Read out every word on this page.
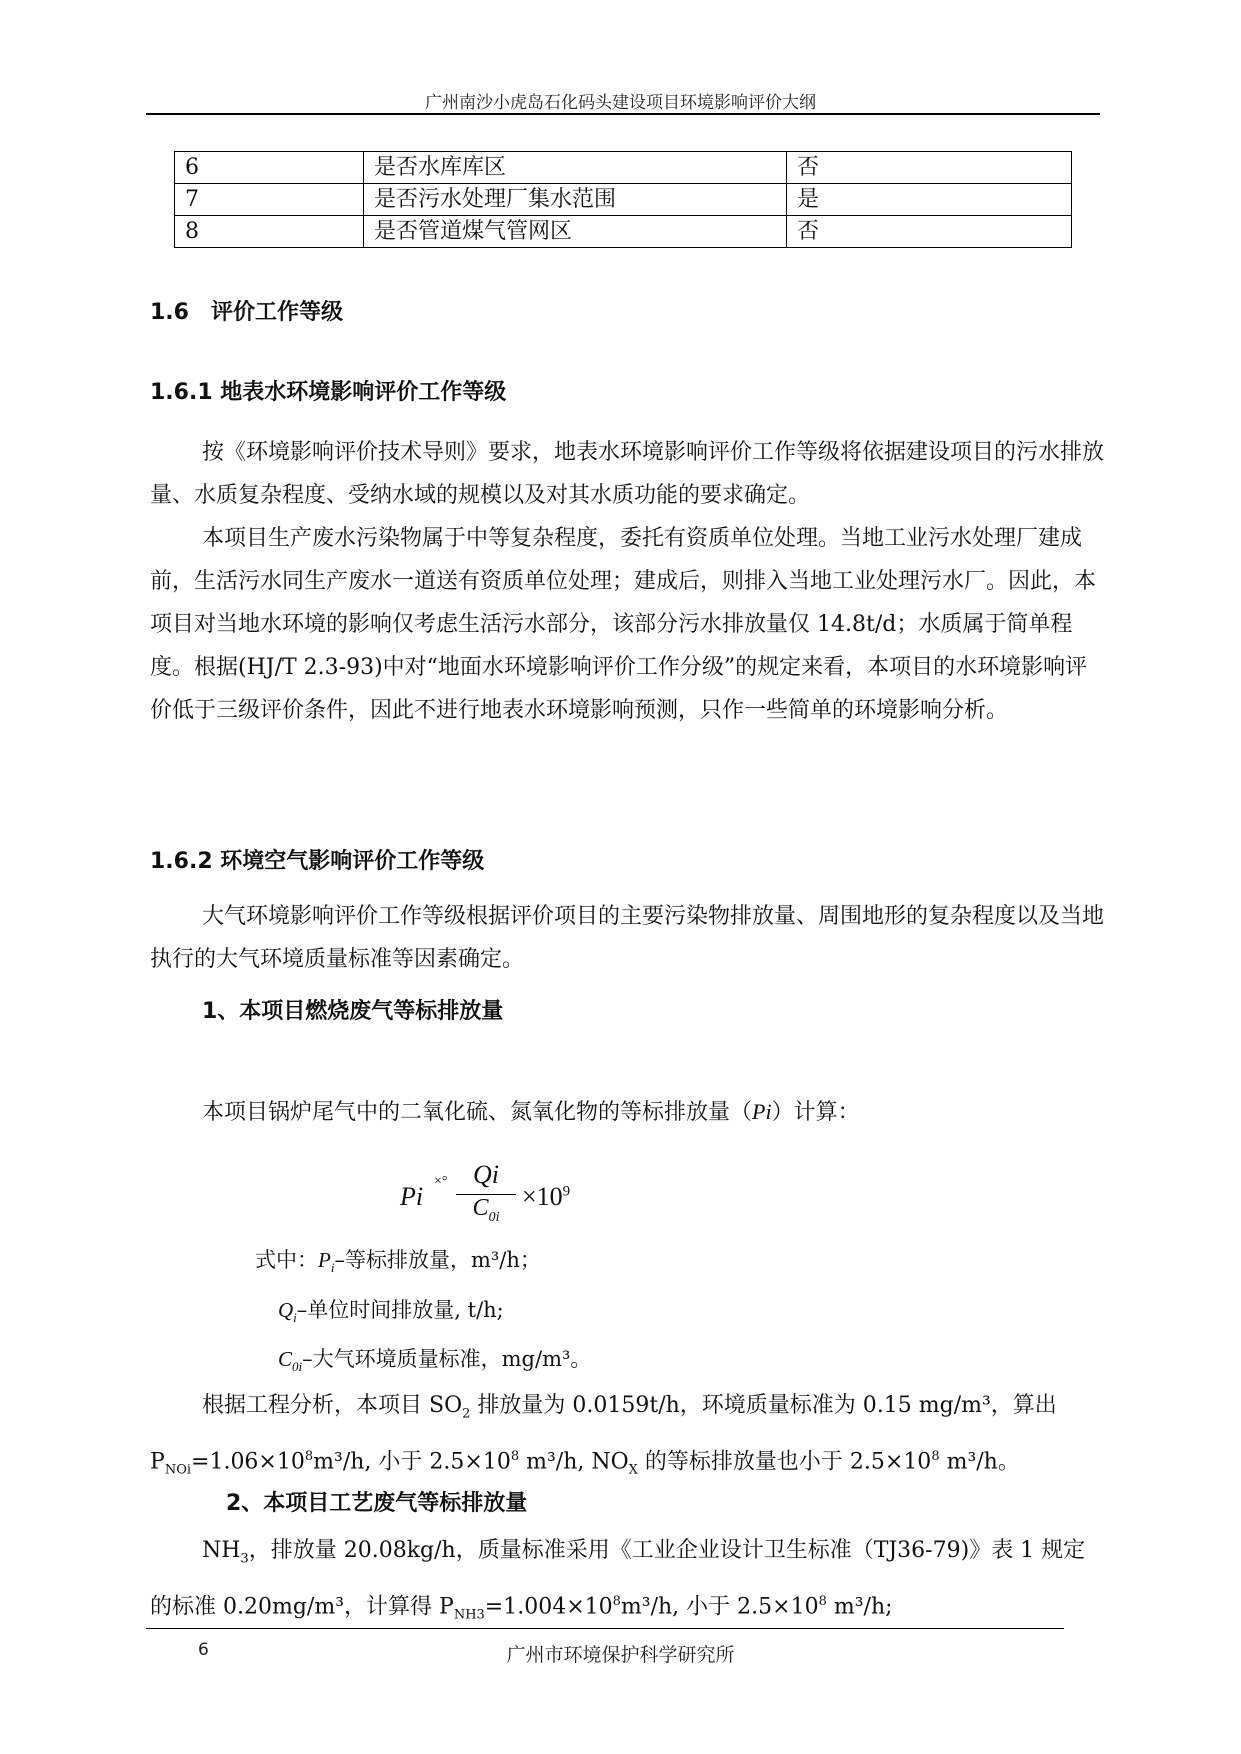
广州南沙小虎岛石化码头建设项目环境影响评价大纲
6	是否水库库区	否
7	是否污水处理厂集水范围	是
8	是否管道煤气管网区	否
1.6　评价工作等级
1.6.1 地表水环境影响评价工作等级
按《环境影响评价技术导则》要求，地表水环境影响评价工作等级将依据建设项目的污水排放量、水质复杂程度、受纳水域的规模以及对其水质功能的要求确定。
本项目生产废水污染物属于中等复杂程度，委托有资质单位处理。当地工业污水处理厂建成前，生活污水同生产废水一道送有资质单位处理；建成后，则排入当地工业处理污水厂。因此，本项目对当地水环境的影响仅考虑生活污水部分，该部分污水排放量仅 14.8t/d；水质属于简单程度。根据(HJ/T 2.3-93)中对“地面水环境影响评价工作分级”的规定来看，本项目的水环境影响评价低于三级评价条件，因此不进行地表水环境影响预测，只作一些简单的环境影响分析。
1.6.2 环境空气影响评价工作等级
大气环境影响评价工作等级根据评价项目的主要污染物排放量、周围地形的复杂程度以及当地执行的大气环境质量标准等因素确定。
1、本项目燃烧废气等标排放量
本项目锅炉尾气中的二氧化硫、氮氧化物的等标排放量（Pi）计算：
Pi
×° Qi
$C_{0i}$
$\times 10^9$
式中：$P_i-$等标排放量，m³/h；
$Q_i-$单位时间排放量, t/h;
$C_{0i}-$大气环境质量标准，mg/m³。
根据工程分析，本项目 $SO_2$ 排放量为 0.0159t/h，环境质量标准为 0.15 mg/m³，算出 $P_{NOi}=1.06\times 10^8m^3/h$, 小于 $2.5\times 10^8$ m³/h, $NO_X$ 的等标排放量也小于 $2.5\times 10^8$ m³/h。
2、本项目工艺废气等标排放量
$NH_3$，排放量 20.08kg/h，质量标准采用《工业企业设计卫生标准（TJ36-79)》表 1 规定的标准 0.20mg/m³，计算得 $P_{NH3}=1.004\times 10^8m^3/h$, 小于 $2.5\times 10^8$ m³/h;
6	广州市环境保护科学研究所
